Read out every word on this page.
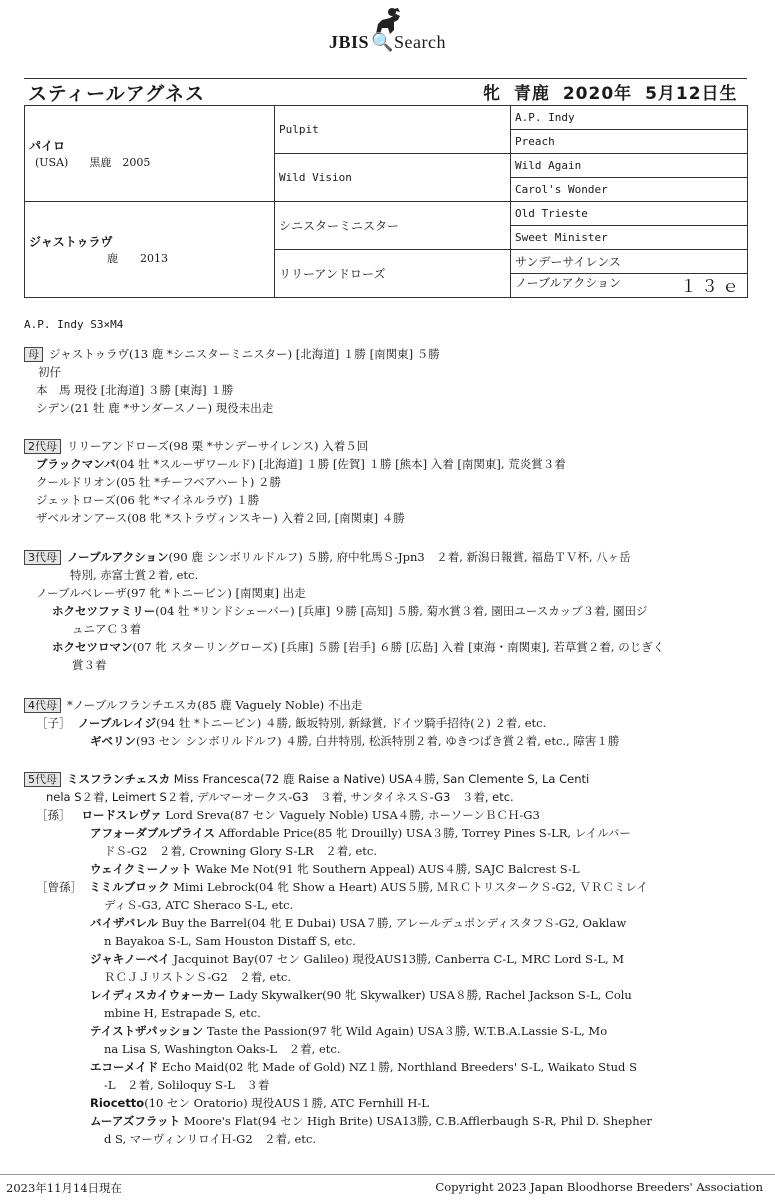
JBIS  🔍Search
スティールアグネス	牝 青鹿 2020年 5月12日生
パイロ
(USA) 黒鹿　2005	Pulpit	A.P. Indy
		Preach
	Wild Vision	Wild Again
		Carol's Wonder

ジャストゥラヴ
鹿　　2013	シニスターミニスター	Old Trieste
		Sweet Minister
	リリーアンドローズ	サンデーサイレンス
		ノーブルアクション １３ｅ
A.P. Indy S3×M4
母 ジャストゥラヴ(13 鹿 *シニスターミニスター) [北海道] １勝 [南関東] ５勝
初仔
本　馬 現役 [北海道] ３勝 [東海] １勝
シデン(21 牡 鹿 *サンダースノー) 現役未出走
2代母 リリーアンドローズ(98 栗 *サンデーサイレンス) 入着５回
ブラックマンバ(04 牡 *スルーザワールド) [北海道] １勝 [佐賀] １勝 [熊本] 入着 [南関東], 荒炎賞３着
クールドリオン(05 牡 *チーフベアハート) ２勝
ジェットローズ(06 牝 *マイネルラヴ) １勝
ザベルオンアース(08 牝 *ストラヴィンスキー) 入着２回, [南関東] ４勝
3代母 ノーブルアクション(90 鹿 シンボリルドルフ) ５勝, 府中牝馬Ｓ-Jpn3　２着, 新潟日報賞, 福島ＴＶ杯, 八ヶ岳
特別, 赤富士賞２着, etc.
ノーブルベレーザ(97 牝 *トニービン) [南関東] 出走
ホクセツファミリー(04 牡 *リンドシェーバー) [兵庫] ９勝 [高知] ５勝, 菊水賞３着, 園田ユースカップ３着, 園田ジ
ュニアＣ３着
ホクセツロマン(07 牝 スターリングローズ) [兵庫] ５勝 [岩手] ６勝 [広島] 入着 [東海・南関東], 若草賞２着, のじぎく
賞３着
4代母 *ノーブルフランチエスカ(85 鹿 Vaguely Noble) 不出走
［子］ ノーブルレイジ(94 牡 *トニービン) ４勝, 飯坂特別, 新緑賞, ドイツ騎手招待(２) ２着, etc.
ギベリン(93 セン シンボリルドルフ) ４勝, 白井特別, 松浜特別２着, ゆきつばき賞２着, etc., 障害１勝
5代母 ミスフランチェスカ Miss Francesca(72 鹿 Raise a Native) USA４勝, San Clemente S, La Centi
nela S２着, Leimert S２着, デルマーオークス-G3　３着, サンタイネスＳ-G3　３着, etc.
［孫］ ロードスレヴァ Lord Sreva(87 セン Vaguely Noble) USA４勝, ホーソーンＢＣＨ-G3
アフォーダブルプライス Affordable Price(85 牝 Drouilly) USA３勝, Torrey Pines S-LR, レイルバー
ドＳ-G2　２着, Crowning Glory S-LR　２着, etc.
ウェイクミーノット Wake Me Not(91 牝 Southern Appeal) AUS４勝, SAJC Balcrest S-L
［曾孫］ ミミルブロック Mimi Lebrock(04 牝 Show a Heart) AUS５勝, ＭＲＣトリスタークＳ-G2, ＶＲＣミレイ
ディＳ-G3, ATC Sheraco S-L, etc.
バイザバレル Buy the Barrel(04 牝 E Dubai) USA７勝, アレールデュポンディスタフＳ-G2, Oaklaw
n Bayakoa S-L, Sam Houston Distaff S, etc.
ジャキノーベイ Jacquinot Bay(07 セン Galileo) 現役AUS13勝, Canberra C-L, MRC Lord S-L, M
ＲＣＪＪリストンＳ-G2　２着, etc.
レイディスカイウォーカー Lady Skywalker(90 牝 Skywalker) USA８勝, Rachel Jackson S-L, Colu
mbine H, Estrapade S, etc.
テイストザパッション Taste the Passion(97 牝 Wild Again) USA３勝, W.T.B.A.Lassie S-L, Mo
na Lisa S, Washington Oaks-L　２着, etc.
エコーメイド Echo Maid(02 牝 Made of Gold) NZ１勝, Northland Breeders' S-L, Waikato Stud S
-L　２着, Soliloquy S-L　３着
Riocetto(10 セン Oratorio) 現役AUS１勝, ATC Fernhill H-L
ムーアズフラット Moore's Flat(94 セン High Brite) USA13勝, C.B.Afflerbaugh S-R, Phil D. Shepher
d S, マーヴィンリロイＨ-G2　２着, etc.
2023年11月14日現在	Copyright 2023 Japan Bloodhorse Breeders' Association
